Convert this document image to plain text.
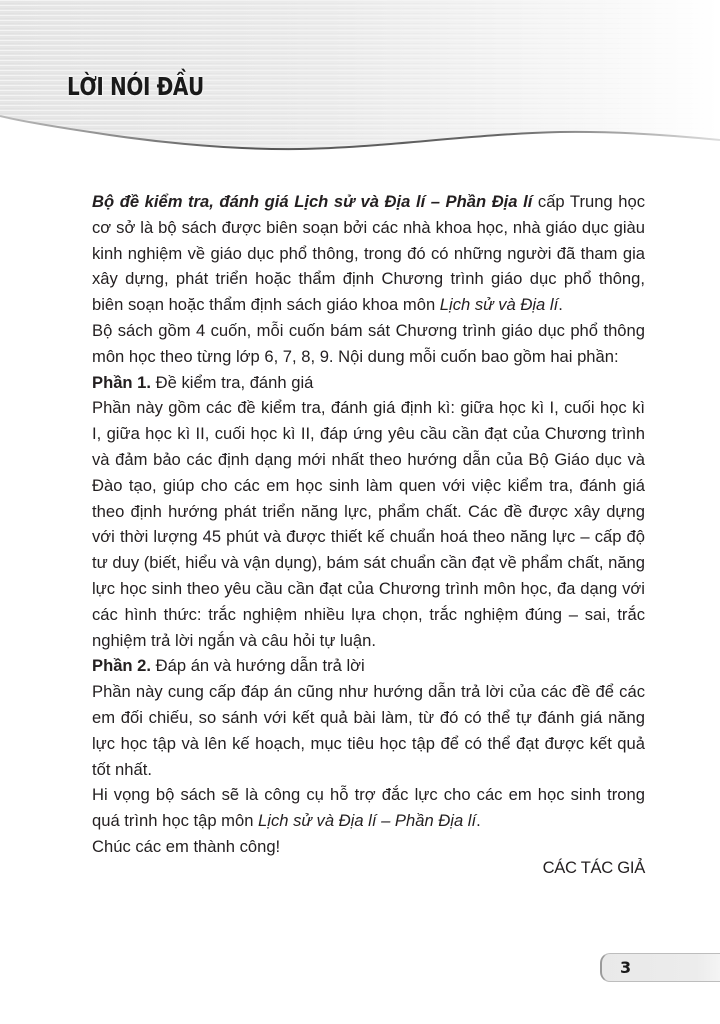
LỜI NÓI ĐẦU

Bộ đề kiểm tra, đánh giá Lịch sử và Địa lí – Phần Địa lí cấp Trung học cơ sở là bộ sách được biên soạn bởi các nhà khoa học, nhà giáo dục giàu kinh nghiệm về giáo dục phổ thông, trong đó có những người đã tham gia xây dựng, phát triển hoặc thẩm định Chương trình giáo dục phổ thông, biên soạn hoặc thẩm định sách giáo khoa môn Lịch sử và Địa lí.

Bộ sách gồm 4 cuốn, mỗi cuốn bám sát Chương trình giáo dục phổ thông môn học theo từng lớp 6, 7, 8, 9. Nội dung mỗi cuốn bao gồm hai phần:

Phần 1. Đề kiểm tra, đánh giá

Phần này gồm các đề kiểm tra, đánh giá định kì: giữa học kì I, cuối học kì I, giữa học kì II, cuối học kì II, đáp ứng yêu cầu cần đạt của Chương trình và đảm bảo các định dạng mới nhất theo hướng dẫn của Bộ Giáo dục và Đào tạo, giúp cho các em học sinh làm quen với việc kiểm tra, đánh giá theo định hướng phát triển năng lực, phẩm chất. Các đề được xây dựng với thời lượng 45 phút và được thiết kế chuẩn hoá theo năng lực – cấp độ tư duy (biết, hiểu và vận dụng), bám sát chuẩn cần đạt về phẩm chất, năng lực học sinh theo yêu cầu cần đạt của Chương trình môn học, đa dạng với các hình thức: trắc nghiệm nhiều lựa chọn, trắc nghiệm đúng – sai, trắc nghiệm trả lời ngắn và câu hỏi tự luận.

Phần 2. Đáp án và hướng dẫn trả lời

Phần này cung cấp đáp án cũng như hướng dẫn trả lời của các đề để các em đối chiếu, so sánh với kết quả bài làm, từ đó có thể tự đánh giá năng lực học tập và lên kế hoạch, mục tiêu học tập để có thể đạt được kết quả tốt nhất.

Hi vọng bộ sách sẽ là công cụ hỗ trợ đắc lực cho các em học sinh trong quá trình học tập môn Lịch sử và Địa lí – Phần Địa lí.

Chúc các em thành công!

CÁC TÁC GIẢ
3
